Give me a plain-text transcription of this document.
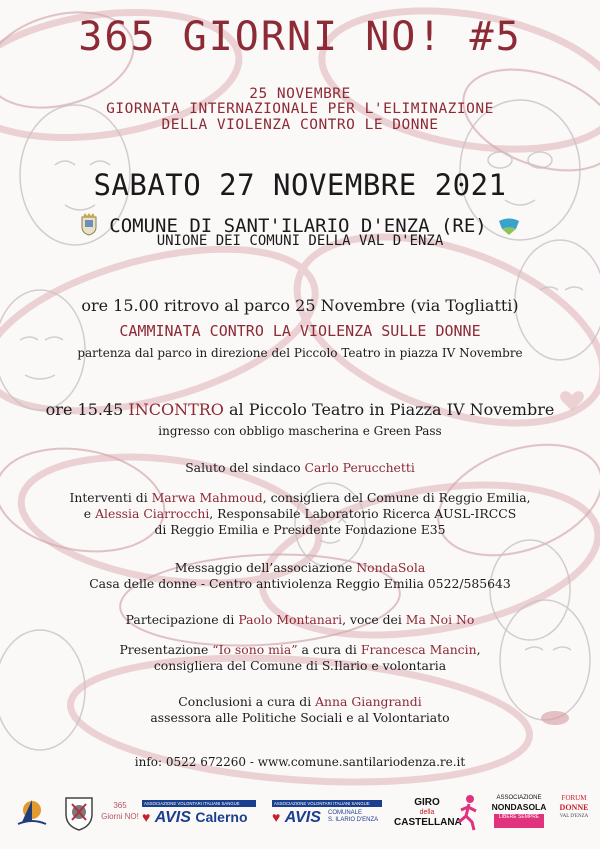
365 GIORNI NO! #5
25 NOVEMBRE
GIORNATA INTERNAZIONALE PER L'ELIMINAZIONE
DELLA VIOLENZA CONTRO LE DONNE
SABATO 27 NOVEMBRE 2021
COMUNE DI SANT'ILARIO D'ENZA (RE)
UNIONE DEI COMUNI DELLA VAL D'ENZA
ore 15.00 ritrovo al parco 25 Novembre (via Togliatti)
CAMMINATA CONTRO LA VIOLENZA SULLE DONNE
partenza dal parco in direzione del Piccolo Teatro in piazza IV Novembre
ore 15.45 INCONTRO al Piccolo Teatro in Piazza IV Novembre
ingresso con obbligo mascherina e Green Pass
Saluto del sindaco Carlo Perucchetti
Interventi di Marwa Mahmoud, consigliera del Comune di Reggio Emilia,
e Alessia Ciarrocchi, Responsabile Laboratorio Ricerca AUSL-IRCCS
di Reggio Emilia e Presidente Fondazione E35
Messaggio dell’associazione NondaSola
Casa delle donne - Centro antiviolenza Reggio Emilia 0522/585643
Partecipazione di Paolo Montanari, voce dei Ma Noi No
Presentazione “Io sono mia” a cura di Francesca Mancin,
consigliera del Comune di S.Ilario e volontaria
Conclusioni a cura di Anna Giangrandi
assessora alle Politiche Sociali e al Volontariato
info: 0522 672260 - www.comune.santilariodenza.re.it
365
Giorni NO!
ASSOCIAZIONE VOLONTARI ITALIANI SANGUE
♥ AVIS Calerno
ASSOCIAZIONE VOLONTARI ITALIANI SANGUE
♥ AVIS COMUNALE
S. ILARIO D'ENZA
GIRO
della
CASTELLANA
ASSOCIAZIONE
NONDASOLA
LIBERE SEMPRE
FORUM
DONNE
VAL D'ENZA
